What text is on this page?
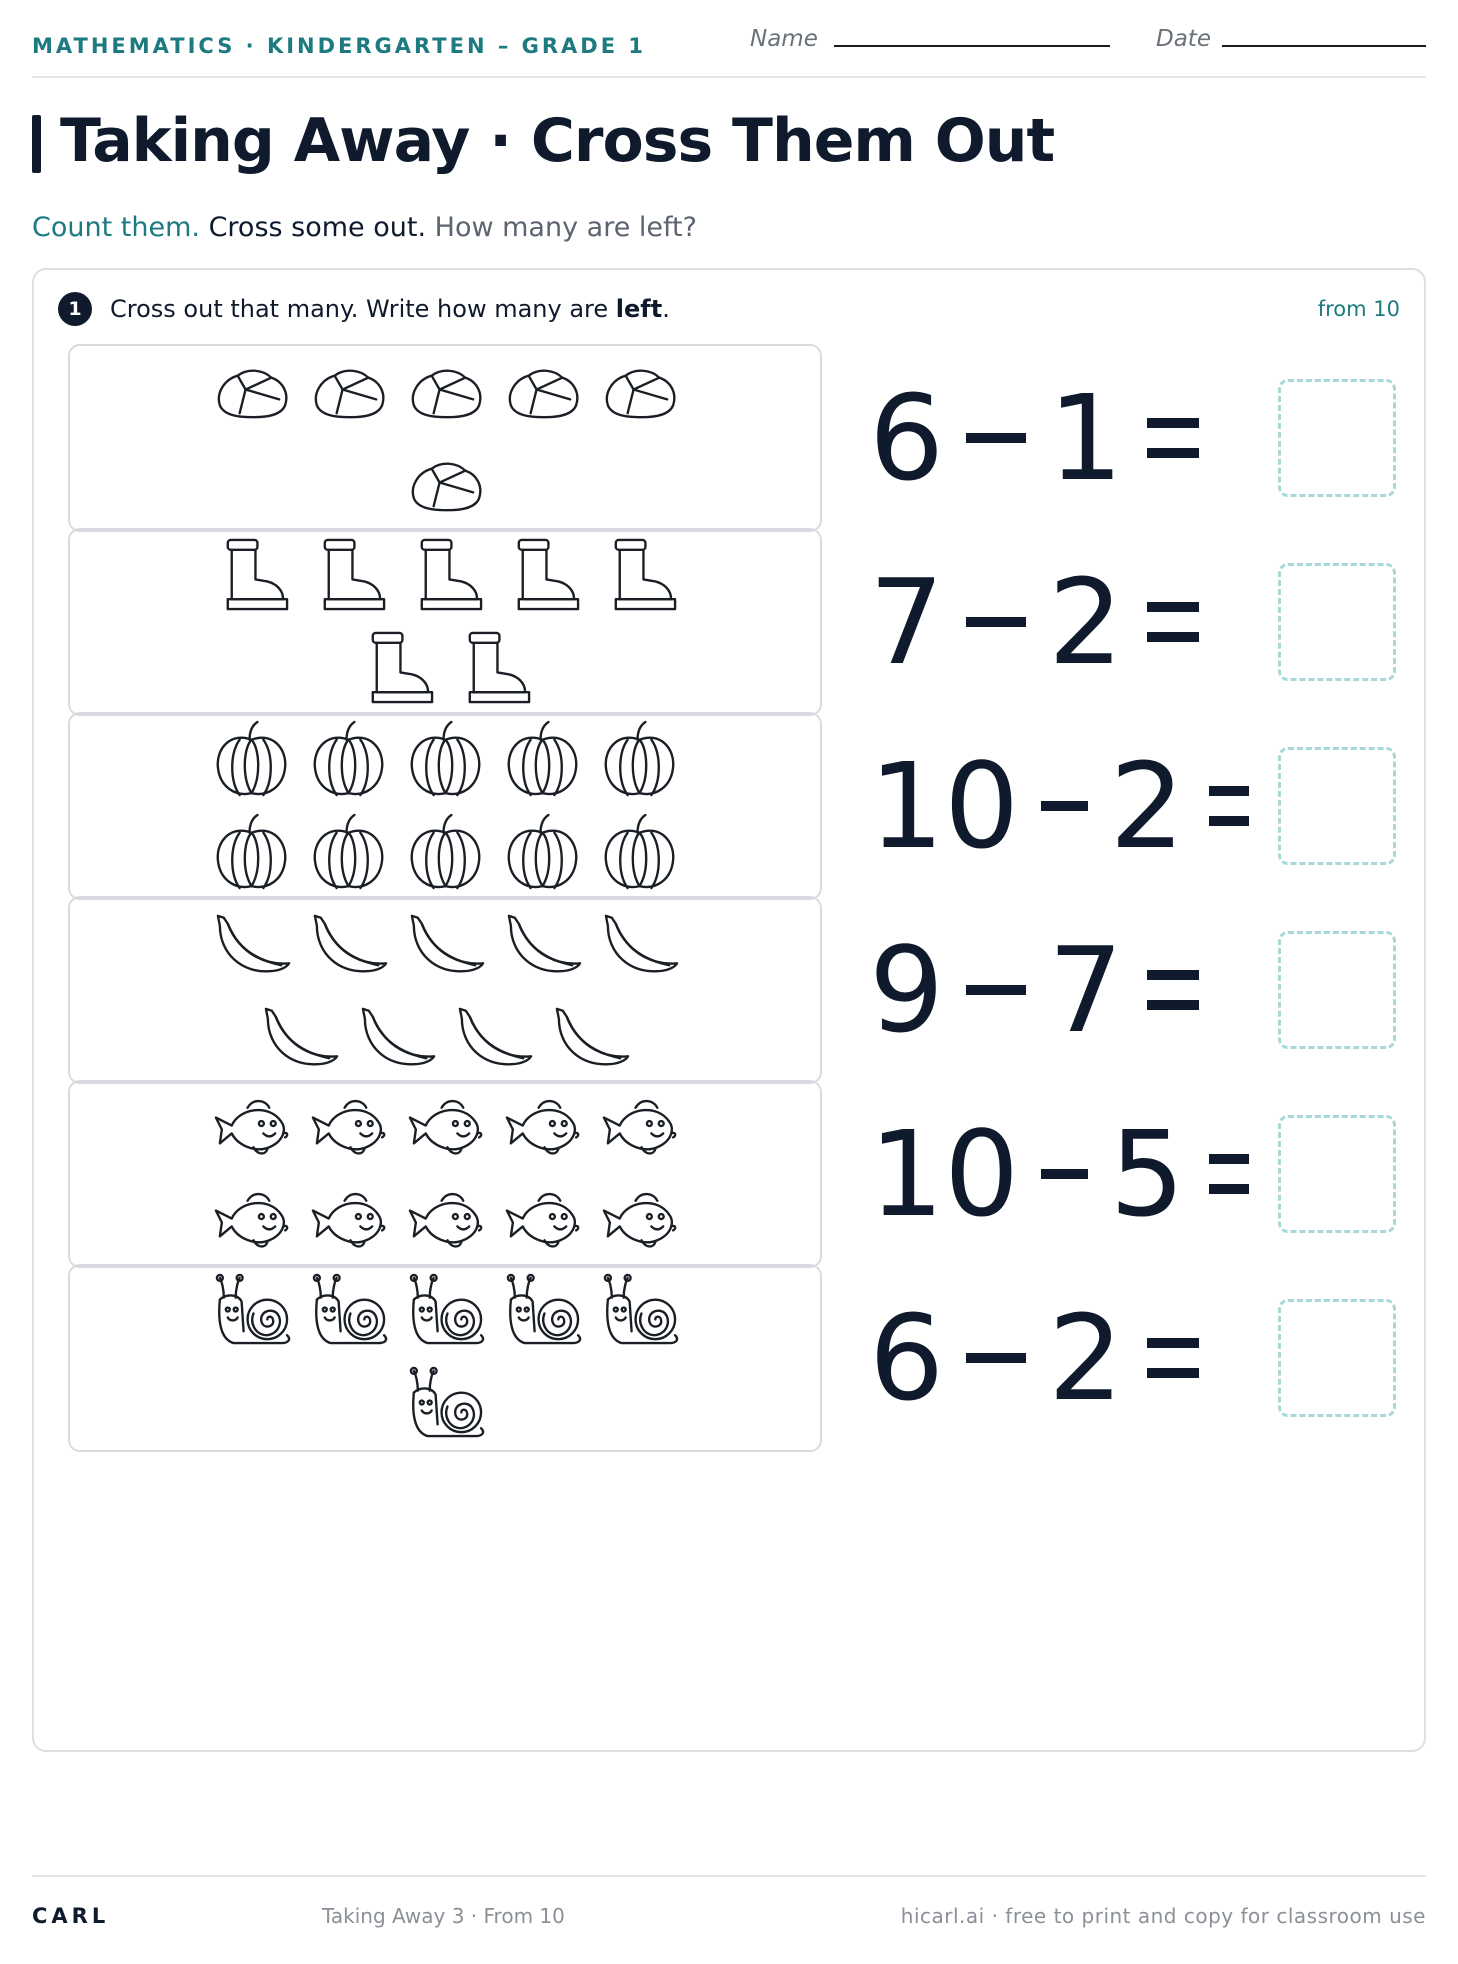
MATHEMATICS · KINDERGARTEN – GRADE 1	Name	Date
Taking Away · Cross Them Out
Count them. Cross some out. How many are left?
1	Cross out that many. Write how many are left.	from 10
6 1
7 2
10 2
9 7
10 5
6 2
CARL	Taking Away 3 · From 10	hicarl.ai · free to print and copy for classroom use
